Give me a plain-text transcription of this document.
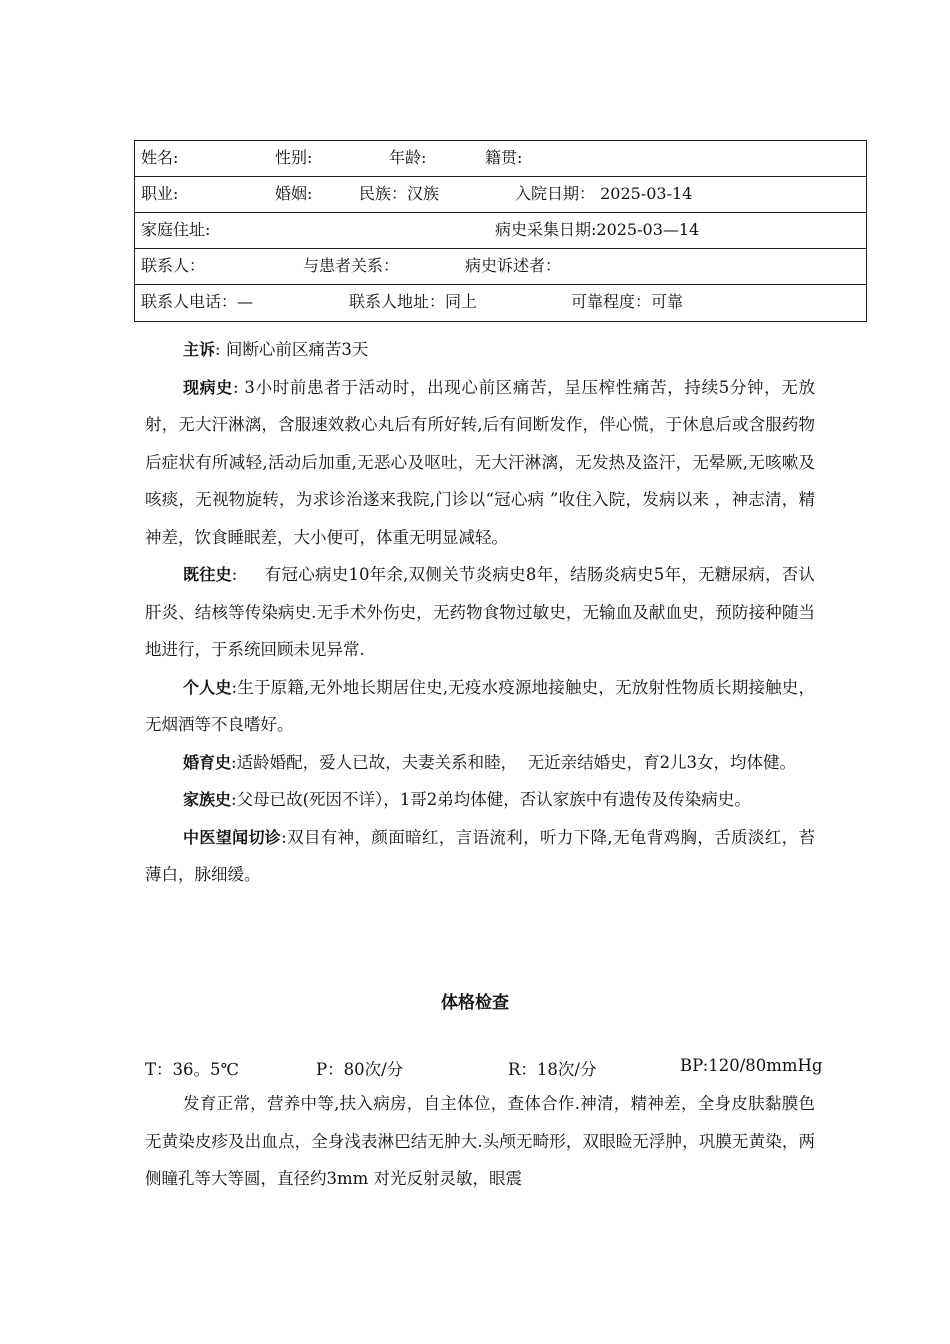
姓名:	性别:	年龄:	籍贯:
职业:	婚姻:	民族：汉族	入院日期： 2025-03-14
家庭住址:	病史采集日期:2025-03—14
联系人：	与患者关系：	病史诉述者：
联系人电话：—	联系人地址：同上	可靠程度：可靠

主诉: 间断心前区痛苦3天

现病史: 3小时前患者于活动时，出现心前区痛苦，呈压榨性痛苦，持续5分钟，无放射，无大汗淋漓，含服速效救心丸后有所好转,后有间断发作，伴心慌，于休息后或含服药物后症状有所减轻,活动后加重,无恶心及呕吐，无大汗淋漓，无发热及盗汗，无晕厥,无咳嗽及咳痰，无视物旋转，为求诊治遂来我院,门诊以“冠心病 ”收住入院，发病以来 ，神志清，精神差，饮食睡眠差，大小便可，体重无明显减轻。

既往史:     有冠心病史10年余,双侧关节炎病史8年，结肠炎病史5年，无糖尿病，否认肝炎、结核等传染病史.无手术外伤史，无药物食物过敏史，无输血及献血史，预防接种随当地进行，于系统回顾未见异常.

个人史:生于原籍,无外地长期居住史,无疫水疫源地接触史，无放射性物质长期接触史，无烟酒等不良嗜好。

婚育史:适龄婚配，爱人已故，夫妻关系和睦，  无近亲结婚史，育2儿3女，均体健。

家族史:父母已故(死因不详），1哥2弟均体健，否认家族中有遗传及传染病史。

中医望闻切诊:双目有神，颜面暗红，言语流利，听力下降,无龟背鸡胸，舌质淡红，苔薄白，脉细缓。

体格检查
T：36。5℃	P：80次/分	R：18次/分	BP:120/80mmHg

发育正常，营养中等,扶入病房，自主体位，查体合作.神清，精神差，全身皮肤黏膜色无黄染皮疹及出血点，全身浅表淋巴结无肿大.头颅无畸形，双眼睑无浮肿，巩膜无黄染，两侧瞳孔等大等圆，直径约3mm 对光反射灵敏，眼震
